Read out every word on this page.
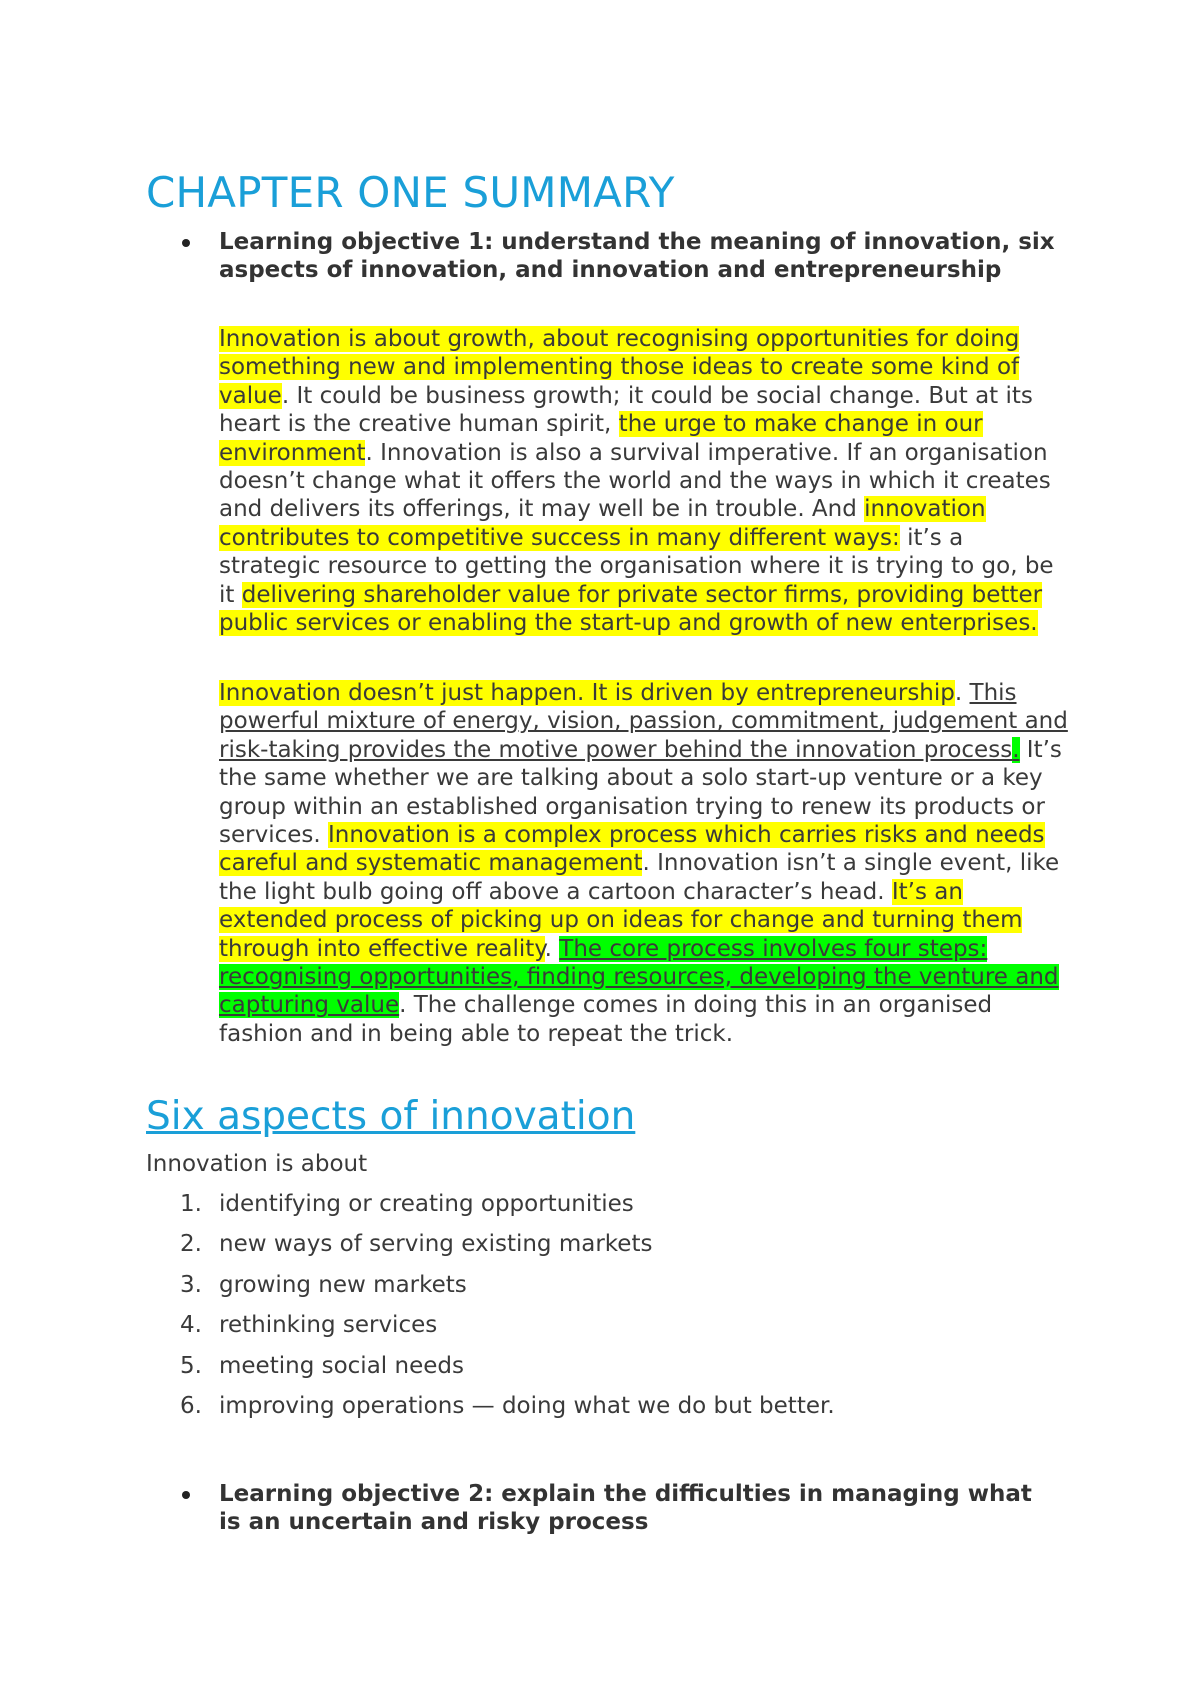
CHAPTER ONE SUMMARY

Learning objective 1: understand the meaning of innovation, six aspects of innovation, and innovation and entrepreneurship

Innovation is about growth, about recognising opportunities for doing something new and implementing those ideas to create some kind of value. It could be business growth; it could be social change. But at its heart is the creative human spirit, the urge to make change in our environment. Innovation is also a survival imperative. If an organisation doesn’t change what it offers the world and the ways in which it creates and delivers its offerings, it may well be in trouble. And innovation contributes to competitive success in many different ways: it’s a strategic resource to getting the organisation where it is trying to go, be it delivering shareholder value for private sector firms, providing better public services or enabling the start-up and growth of new enterprises.

Innovation doesn’t just happen. It is driven by entrepreneurship. This powerful mixture of energy, vision, passion, commitment, judgement and risk-taking provides the motive power behind the innovation process. It’s the same whether we are talking about a solo start-up venture or a key group within an established organisation trying to renew its products or services. Innovation is a complex process which carries risks and needs careful and systematic management. Innovation isn’t a single event, like the light bulb going off above a cartoon character’s head. It’s an extended process of picking up on ideas for change and turning them through into effective reality. The core process involves four steps: recognising opportunities, finding resources, developing the venture and capturing value. The challenge comes in doing this in an organised fashion and in being able to repeat the trick.

Six aspects of innovation

Innovation is about

1. identifying or creating opportunities
2. new ways of serving existing markets
3. growing new markets
4. rethinking services
5. meeting social needs
6. improving operations — doing what we do but better.

Learning objective 2: explain the difficulties in managing what is an uncertain and risky process
